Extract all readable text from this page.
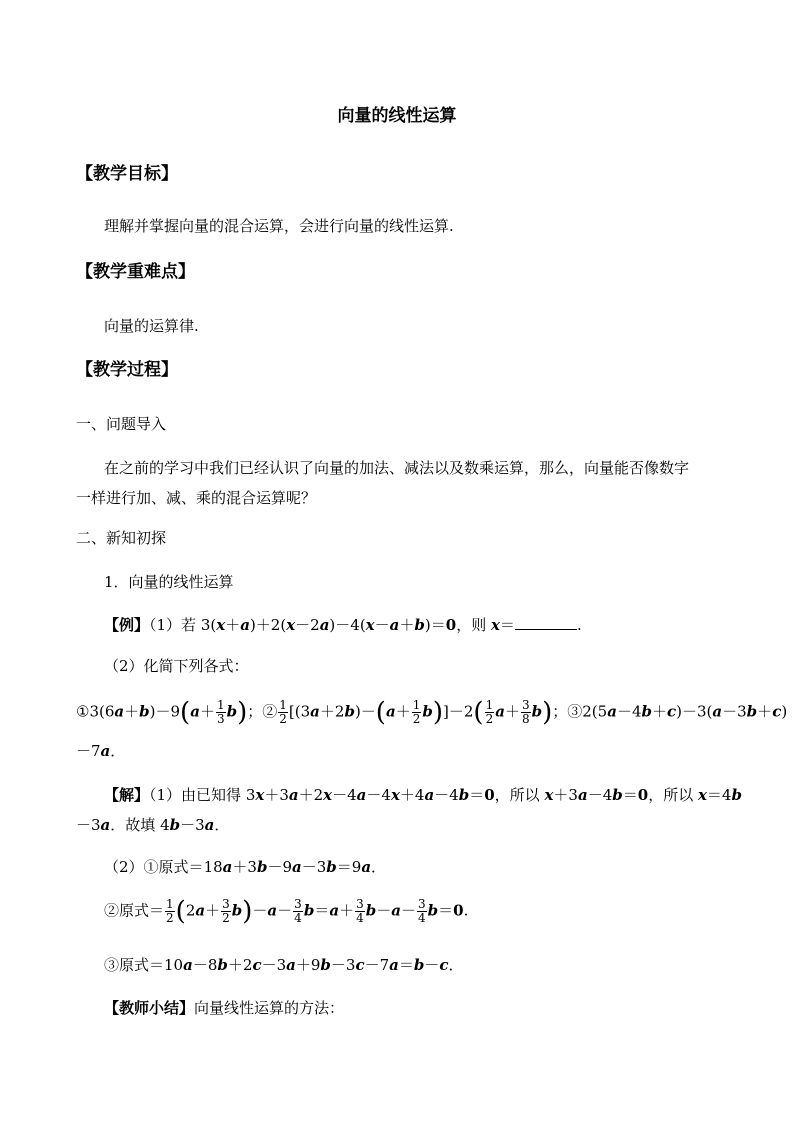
向量的线性运算
【教学目标】
理解并掌握向量的混合运算，会进行向量的线性运算.
【教学重难点】
向量的运算律.
【教学过程】
一、问题导入
在之前的学习中我们已经认识了向量的加法、减法以及数乘运算，那么，向量能否像数字
一样进行加、减、乘的混合运算呢？
二、新知初探
1．向量的线性运算
【例】（1）若 3(x＋a)＋2(x－2a)－4(x－a＋b)＝0，则 x＝	.
（2）化简下列各式：
①3(6a＋b)－9(a＋ $\frac{1}{3} b$)；② $\frac{1}{2} [(3a+2b)-(a+ \frac{1}{2} b)]-2( \frac{1}{2} a+ \frac{3}{8} b)$；③2(5a－4b＋c)－3(a－3b＋c)
－7a．
【解】（1）由已知得 3x＋3a＋2x－4a－4x＋4a－4b＝0，所以 x＋3a－4b＝0，所以 x＝4b
－3a．故填 4b－3a．
（2）①原式＝18a＋3b－9a－3b＝9a．
②原式＝ $\frac{1}{2} (2a+ \frac{3}{2} b)-a- \frac{3}{4} b=a+ \frac{3}{4} b-a- \frac{3}{4} b=0$.
③原式＝10a－8b＋2c－3a＋9b－3c－7a＝b－c．
【教师小结】向量线性运算的方法：
